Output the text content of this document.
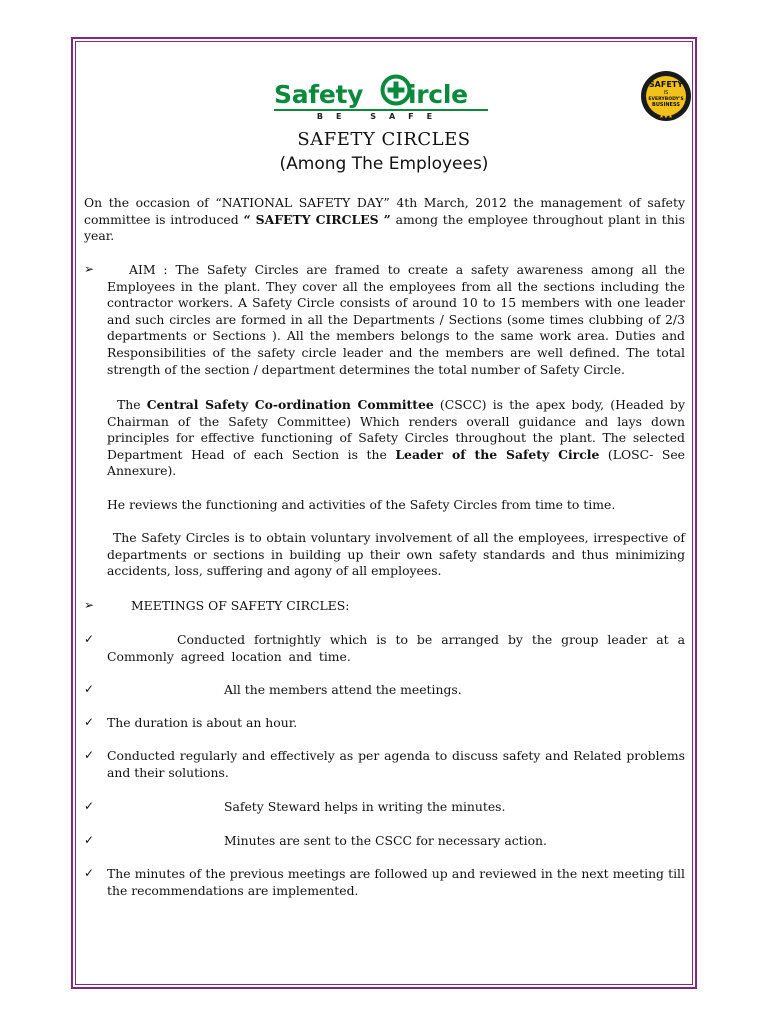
Safety ircle
BE SAFE
SAFETY
IS
EVERYBODY'S
BUSINESS
★★★
SAFETY CIRCLES
(Among The Employees)

On the occasion of “NATIONAL SAFETY DAY” 4th March, 2012 the management of safety committee is introduced “ SAFETY CIRCLES ” among the employee throughout plant in this year.

➢	AIM : The Safety Circles are framed to create a safety awareness among all the Employees in the plant. They cover all the employees from all the sections including the contractor workers. A Safety Circle consists of around 10 to 15 members with one leader and such circles are formed in all the Departments / Sections (some times clubbing of 2/3 departments or Sections ). All the members belongs to the same work area. Duties and Responsibilities of the safety circle leader and the members are well defined. The total strength of the section / department determines the total number of Safety Circle.

The Central Safety Co-ordination Committee (CSCC) is the apex body, (Headed by Chairman of the Safety Committee) Which renders overall guidance and lays down principles for effective functioning of Safety Circles throughout the plant. The selected Department Head of each Section is the Leader of the Safety Circle (LOSC- See Annexure).

He reviews the functioning and activities of the Safety Circles from time to time.

The Safety Circles is to obtain voluntary involvement of all the employees, irrespective of departments or sections in building up their own safety standards and thus minimizing accidents, loss, suffering and agony of all employees.

➢	MEETINGS OF SAFETY CIRCLES:

✓	Conducted fortnightly which is to be arranged by the group leader at a Commonly agreed location and time.

✓	All the members attend the meetings.

✓ The duration is about an hour.

✓ Conducted regularly and effectively as per agenda to discuss safety and Related problems and their solutions.

✓	Safety Steward helps in writing the minutes.

✓	Minutes are sent to the CSCC for necessary action.

✓ The minutes of the previous meetings are followed up and reviewed in the next meeting till the recommendations are implemented.
